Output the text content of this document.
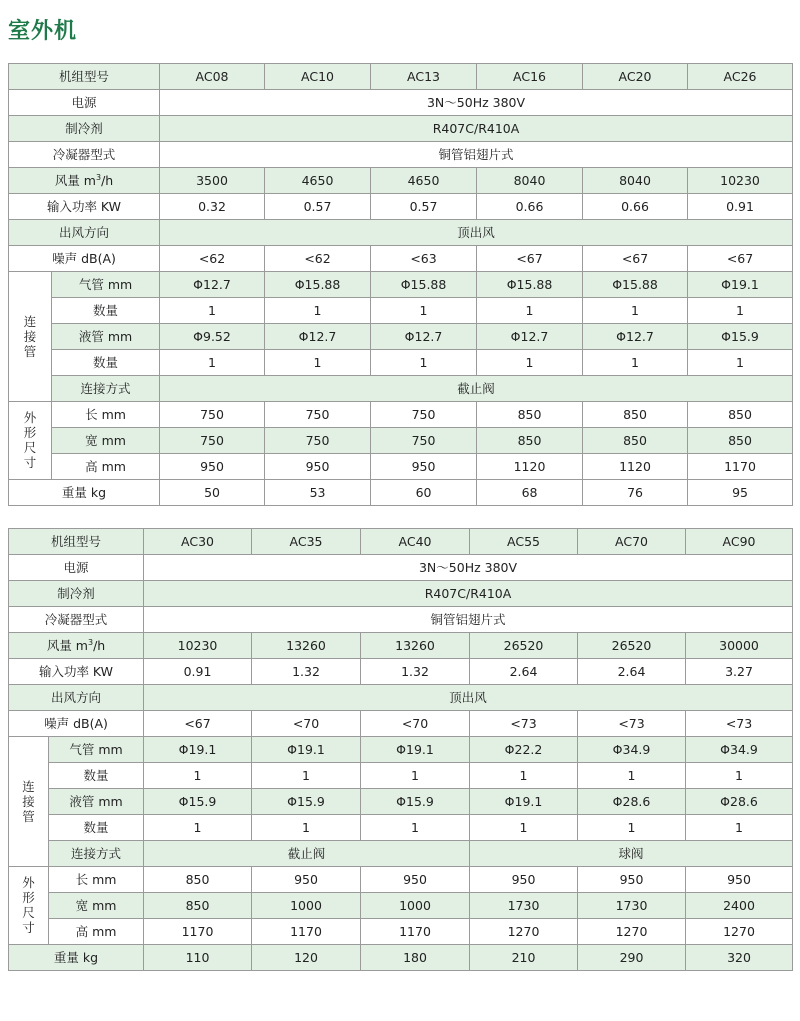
室外机
机组型号		AC08	AC10	AC13	AC16	AC20	AC26
电源		3N～50Hz 380V					
制冷剂		R407C/R410A					
冷凝器型式		铜管铝翅片式					
风量 $m^3/h$		3500	4650	4650	8040	8040	10230
输入功率 KW		0.32	0.57	0.57	0.66	0.66	0.91
出风方向		顶出风					
噪声 dB(A)		<62	<62	<63	<67	<67	<67
连接管	气管 mm	Φ12.7	Φ15.88	Φ15.88	Φ15.88	Φ15.88	Φ19.1
	数量	1	1	1	1	1	1
	液管 mm	Φ9.52	Φ12.7	Φ12.7	Φ12.7	Φ12.7	Φ15.9
	数量	1	1	1	1	1	1
	连接方式	截止阀					
外形尺寸	长 mm	750	750	750	850	850	850
	宽 mm	750	750	750	850	850	850
	高 mm	950	950	950	1120	1120	1170
重量 kg		50	53	60	68	76	95
机组型号		AC30	AC35	AC40	AC55	AC70	AC90
电源		3N～50Hz 380V					
制冷剂		R407C/R410A					
冷凝器型式		铜管铝翅片式					
风量 $m^3/h$		10230	13260	13260	26520	26520	30000
输入功率 KW		0.91	1.32	1.32	2.64	2.64	3.27
出风方向		顶出风					
噪声 dB(A)		<67	<70	<70	<73	<73	<73
连接管	气管 mm	Φ19.1	Φ19.1	Φ19.1	Φ22.2	Φ34.9	Φ34.9
	数量	1	1	1	1	1	1
	液管 mm	Φ15.9	Φ15.9	Φ15.9	Φ19.1	Φ28.6	Φ28.6
	数量	1	1	1	1	1	1
	连接方式	截止阀			球阀		
外形尺寸	长 mm	850	950	950	950	950	950
	宽 mm	850	1000	1000	1730	1730	2400
	高 mm	1170	1170	1170	1270	1270	1270
重量 kg		110	120	180	210	290	320
